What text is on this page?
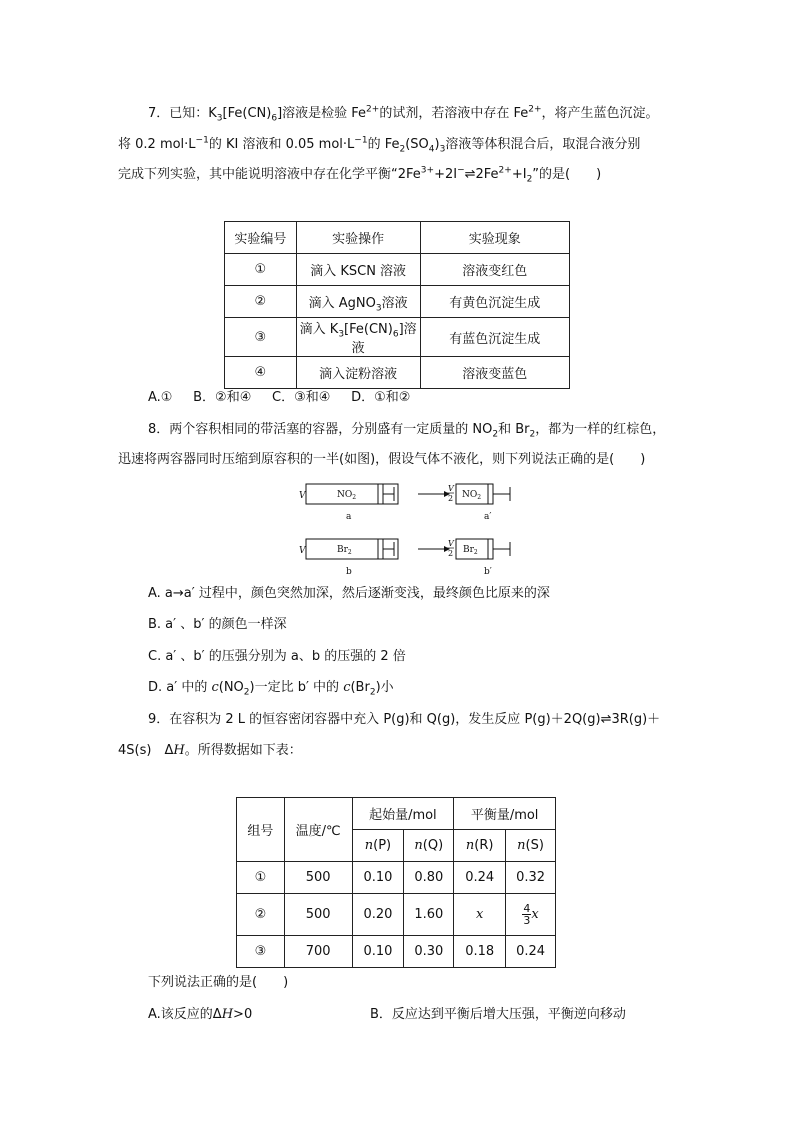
7．已知：$K_3[Fe(CN)_6]$溶液是检验 $Fe^{2+}$的试剂，若溶液中存在 $Fe^{2+}$，将产生蓝色沉淀。
将 0.2 $mol\cdot L^{-1}$的 KI 溶液和 0.05 $mol\cdot L^{-1}$的 $Fe_2(SO_4)_3$溶液等体积混合后，取混合液分别
完成下列实验，其中能说明溶液中存在化学平衡“$2Fe^{3+}+2I^-\rightleftharpoons 2Fe^{2+}+I_2$”的是(　　)
实验编号	实验操作	实验现象
①	滴入 KSCN 溶液	溶液变红色
②	滴入 AgNO$_3$溶液	有黄色沉淀生成
③	滴入 $K_3[Fe(CN)_6]$溶液	有蓝色沉淀生成
④	滴入淀粉溶液	溶液变蓝色
A.① B．②和④ C．③和④ D．①和②
8．两个容积相同的带活塞的容器，分别盛有一定质量的 $NO_2$和 $Br_2$，都为一样的红棕色，
迅速将两容器同时压缩到原容积的一半(如图)，假设气体不液化，则下列说法正确的是(　　)
V	$NO_2$
V
2 $NO_2$
a	a′
V	$Br_2$
V
2 $Br_2$
b	b′
A. a→a′ 过程中，颜色突然加深，然后逐渐变浅，最终颜色比原来的深
B. a′ 、b′ 的颜色一样深
C. a′ 、b′ 的压强分别为 a、b 的压强的 2 倍
D. a′ 中的 $c(NO_2)$一定比 b′ 中的 $c(Br_2)$小
9．在容积为 2 L 的恒容密闭容器中充入 P(g)和 Q(g)，发生反应 P(g)＋2Q(g)⇌3R(g)＋
4S(s)　ΔH。所得数据如下表：
组号	温度/℃	起始量/mol		平衡量/mol	
		n(P)	n(Q)	n(R)	n(S)
①	500	0.10	0.80	0.24	0.32
②	500	0.20	1.60	x	$\frac{4}{3}$ x
③	700	0.10	0.30	0.18	0.24
下列说法正确的是(　　)
A.该反应的ΔH>0	B．反应达到平衡后增大压强，平衡逆向移动
